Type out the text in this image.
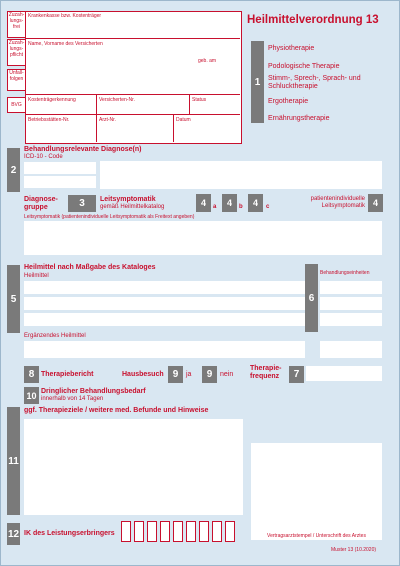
Zuzah-
lungs-
frei
Zuzah-
lungs-
pflicht
Unfall-
folgen
BVG
Krankenkasse bzw. Kostenträger
Name, Vorname des Versicherten
geb. am
Kostenträgerkennung	Versicherten-Nr.	Status
Betriebsstätten-Nr.	Arzt-Nr.	Datum
Heilmittelverordnung 13
1
Physiotherapie
Podologische Therapie
Stimm-, Sprech-, Sprach- und
Schlucktherapie
Ergotherapie
Ernährungstherapie
2
Behandlungsrelevante Diagnose(n)
ICD-10 - Code
Diagnose-
gruppe	3	Leitsymptomatik
gemäß Heilmittelkatalog	4	a	4	b	4	c
patientenindividuelle
Leitsymptomatik 4
Leitsymptomatik (patientenindividuelle Leitsymptomatik als Freitext angeben)
5
Heilmittel nach Maßgabe des Kataloges
Heilmittel
6
Behandlungseinheiten
Ergänzendes Heilmittel
8 Therapiebericht	Hausbesuch 9	ja	9	nein
Therapie-
frequenz	7
10 Dringlicher Behandlungsbedarf
innerhalb von 14 Tagen
11
ggf. Therapieziele / weitere med. Befunde und Hinweise
Vertragsarztstempel / Unterschrift des Arztes
12 IK des Leistungserbringers
Muster 13 (10.2020)
